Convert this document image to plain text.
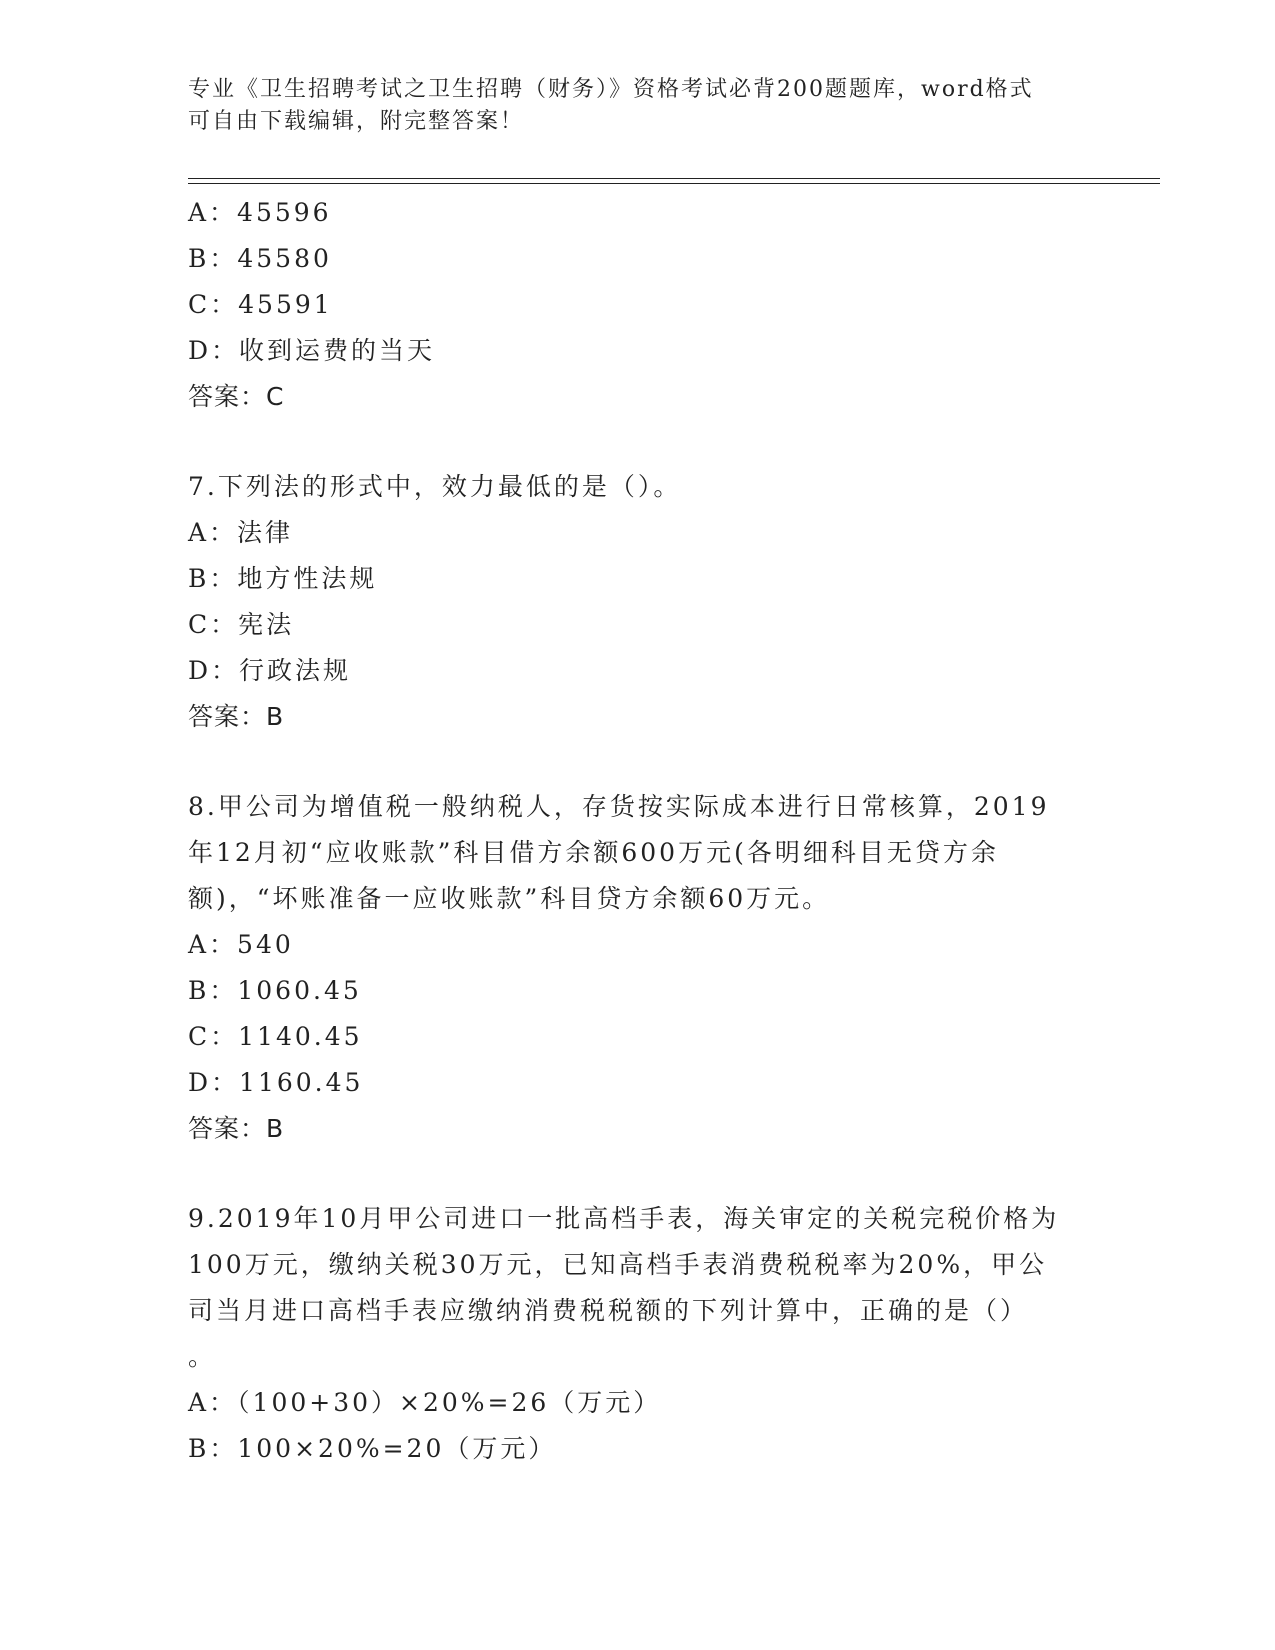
专业《卫生招聘考试之卫生招聘（财务）》资格考试必背200题题库，word格式
可自由下载编辑，附完整答案！
A：45596
B：45580
C：45591
D：收到运费的当天
答案：C
7.下列法的形式中，效力最低的是（）。
A：法律
B：地方性法规
C：宪法
D：行政法规
答案：B
8.甲公司为增值税一般纳税人，存货按实际成本进行日常核算，2019
年12月初“应收账款”科目借方余额600万元(各明细科目无贷方余
额)，“坏账准备一应收账款”科目贷方余额60万元。
A：540
B：1060.45
C：1140.45
D：1160.45
答案：B
9.2019年10月甲公司进口一批高档手表，海关审定的关税完税价格为
100万元，缴纳关税30万元，已知高档手表消费税税率为20%，甲公
司当月进口高档手表应缴纳消费税税额的下列计算中，正确的是（）
。
A：（100+30）×20%=26（万元）
B：100×20%=20（万元）
